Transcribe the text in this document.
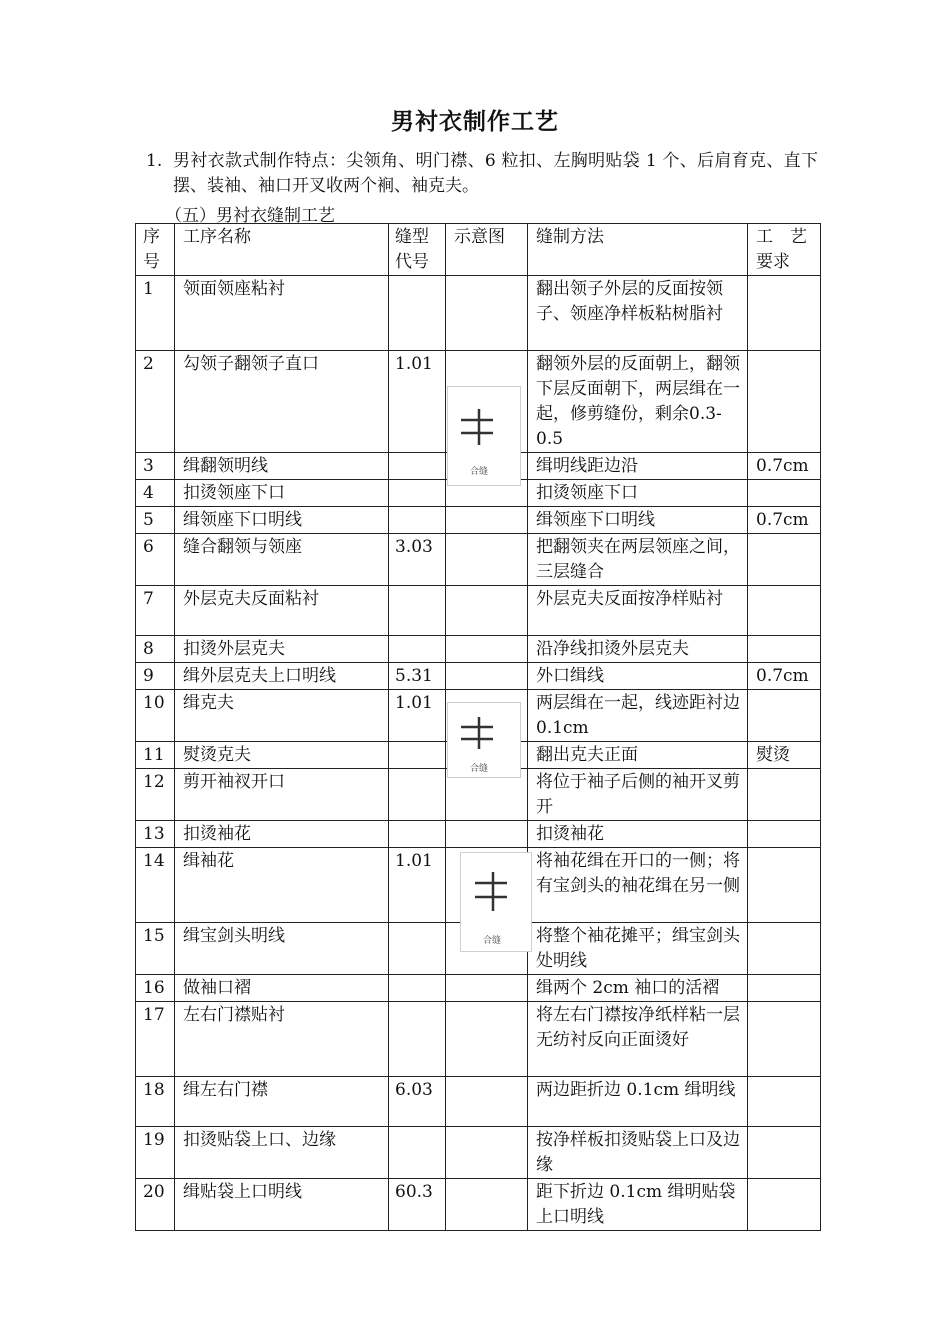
男衬衣制作工艺
1. 男衬衣款式制作特点：尖领角、明门襟、6 粒扣、左胸明贴袋 1 个、后肩育克、直下摆、装袖、袖口开叉收两个裥、袖克夫。
（五）男衬衣缝制工艺
序号	工序名称	缝型代号	示意图	缝制方法	工　艺要求
1	领面领座粘衬			翻出领子外层的反面按领子、领座净样板粘树脂衬	
2	勾领子翻领子直口	1.01		翻领外层的反面朝上，翻领下层反面朝下，两层缉在一起，修剪缝份，剩余0.3-0.5	
3	缉翻领明线			缉明线距边沿	0.7cm
4	扣烫领座下口			扣烫领座下口	
5	缉领座下口明线			缉领座下口明线	0.7cm
6	缝合翻领与领座	3.03		把翻领夹在两层领座之间，三层缝合	
7	外层克夫反面粘衬			外层克夫反面按净样贴衬	
8	扣烫外层克夫			沿净线扣烫外层克夫	
9	缉外层克夫上口明线	5.31		外口缉线	0.7cm
10	缉克夫	1.01		两层缉在一起，线迹距衬边 0.1cm	
11	熨烫克夫			翻出克夫正面	熨烫
12	剪开袖衩开口			将位于袖子后侧的袖开叉剪开	
13	扣烫袖花			扣烫袖花	
14	缉袖花	1.01		将袖花缉在开口的一侧；将有宝剑头的袖花缉在另一侧	
15	缉宝剑头明线			将整个袖花摊平；缉宝剑头处明线	
16	做袖口褶			缉两个 2cm 袖口的活褶	
17	左右门襟贴衬			将左右门襟按净纸样粘一层无纺衬反向正面烫好	
18	缉左右门襟	6.03		两边距折边 0.1cm 缉明线	
19	扣烫贴袋上口、边缘			按净样板扣烫贴袋上口及边缘	
20	缉贴袋上口明线	60.3		距下折边 0.1cm 缉明贴袋上口明线	
合缝
合缝
合缝
